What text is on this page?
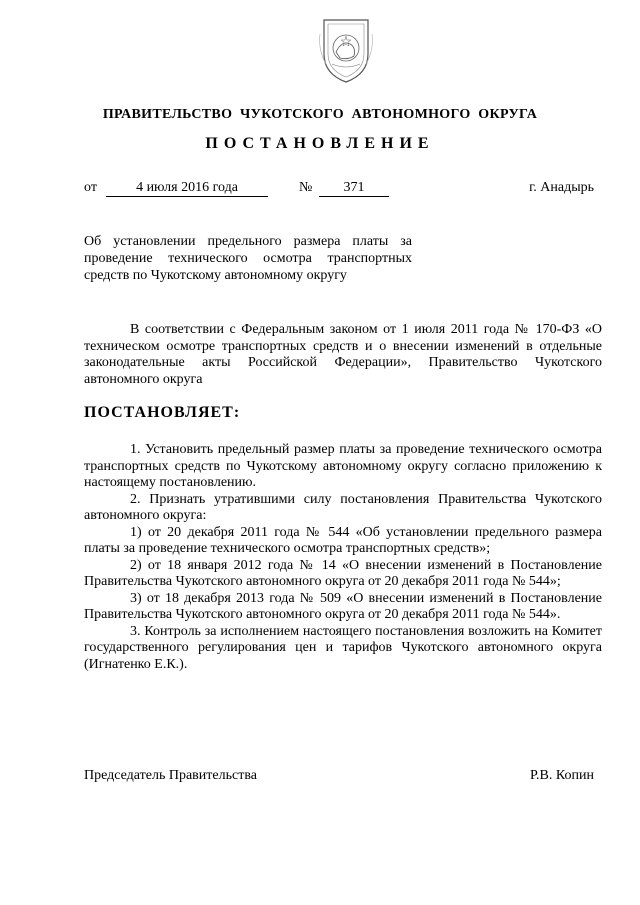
ПРАВИТЕЛЬСТВО ЧУКОТСКОГО АВТОНОМНОГО ОКРУГА
ПОСТАНОВЛЕНИЕ
от	4 июля 2016 года	№	371	г. Анадырь
Об установлении предельного размера платы за проведение технического осмотра транспортных средств по Чукотскому автономному округу

В соответствии с Федеральным законом от 1 июля 2011 года № 170-ФЗ «О техническом осмотре транспортных средств и о внесении изменений в отдельные законодательные акты Российской Федерации», Правительство Чукотского автономного округа

ПОСТАНОВЛЯЕТ:

1. Установить предельный размер платы за проведение технического осмотра транспортных средств по Чукотскому автономному округу согласно приложению к настоящему постановлению.

2. Признать утратившими силу постановления Правительства Чукотского автономного округа:

1) от 20 декабря 2011 года № 544 «Об установлении предельного размера платы за проведение технического осмотра транспортных средств»;

2) от 18 января 2012 года № 14 «О внесении изменений в Постановление Правительства Чукотского автономного округа от 20 декабря 2011 года № 544»;

3) от 18 декабря 2013 года № 509 «О внесении изменений в Постановление Правительства Чукотского автономного округа от 20 декабря 2011 года № 544».

3. Контроль за исполнением настоящего постановления возложить на Комитет государственного регулирования цен и тарифов Чукотского автономного округа (Игнатенко Е.К.).

Председатель Правительства	Р.В. Копин
